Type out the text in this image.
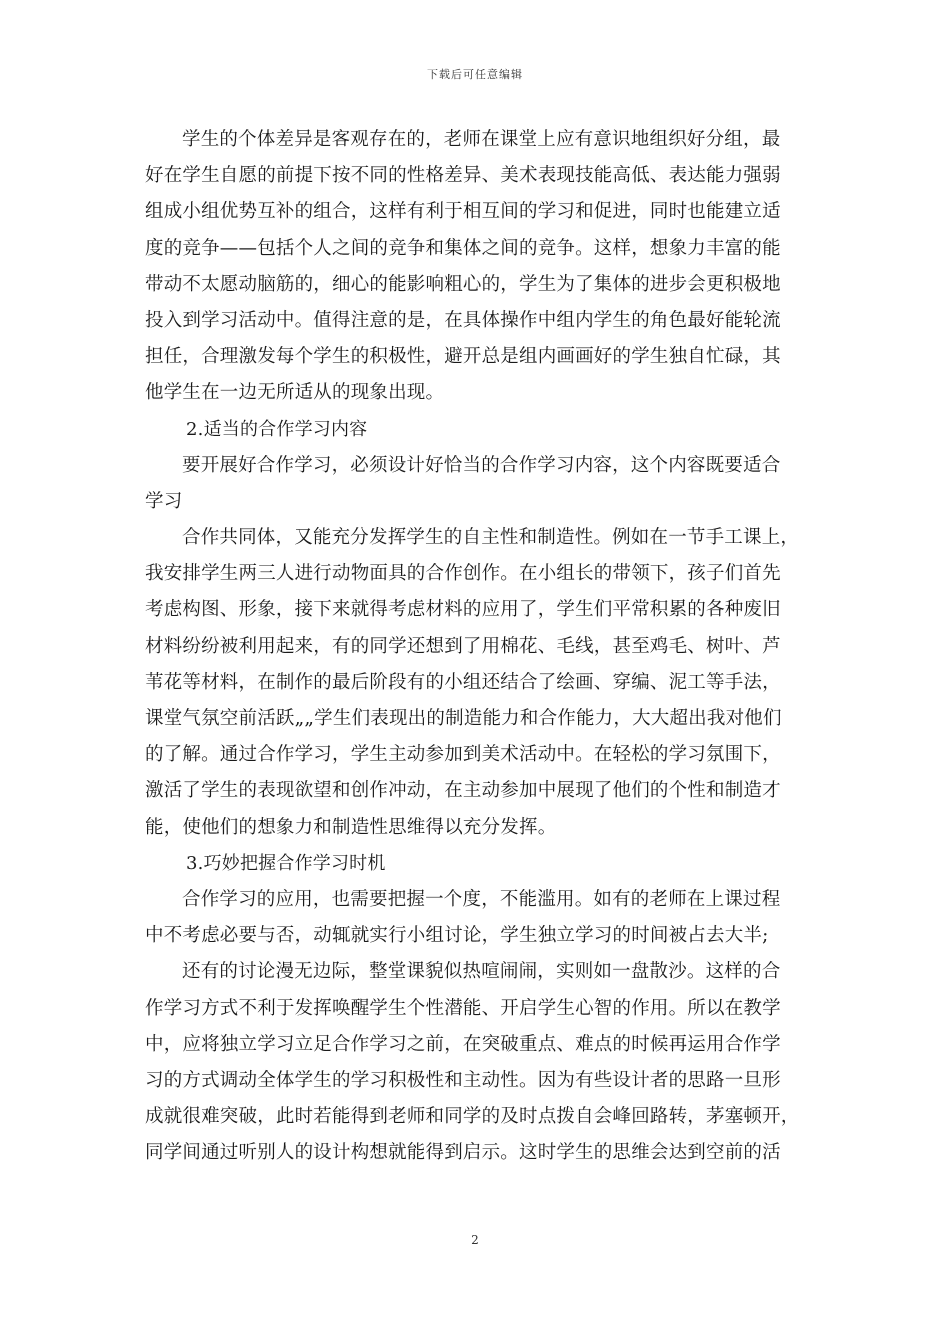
下载后可任意编辑
学生的个体差异是客观存在的，老师在课堂上应有意识地组织好分组，最
好在学生自愿的前提下按不同的性格差异、美术表现技能高低、表达能力强弱
组成小组优势互补的组合，这样有利于相互间的学习和促进，同时也能建立适
度的竞争——包括个人之间的竞争和集体之间的竞争。这样，想象力丰富的能
带动不太愿动脑筋的，细心的能影响粗心的，学生为了集体的进步会更积极地
投入到学习活动中。值得注意的是，在具体操作中组内学生的角色最好能轮流
担任，合理激发每个学生的积极性，避开总是组内画画好的学生独自忙碌，其
他学生在一边无所适从的现象出现。
2.适当的合作学习内容
要开展好合作学习，必须设计好恰当的合作学习内容，这个内容既要适合
学习
合作共同体，又能充分发挥学生的自主性和制造性。例如在一节手工课上，
我安排学生两三人进行动物面具的合作创作。在小组长的带领下，孩子们首先
考虑构图、形象，接下来就得考虑材料的应用了，学生们平常积累的各种废旧
材料纷纷被利用起来，有的同学还想到了用棉花、毛线，甚至鸡毛、树叶、芦
苇花等材料，在制作的最后阶段有的小组还结合了绘画、穿编、泥工等手法，
课堂气氛空前活跃„„学生们表现出的制造能力和合作能力，大大超出我对他们
的了解。通过合作学习，学生主动参加到美术活动中。在轻松的学习氛围下，
激活了学生的表现欲望和创作冲动，在主动参加中展现了他们的个性和制造才
能，使他们的想象力和制造性思维得以充分发挥。
3.巧妙把握合作学习时机
合作学习的应用，也需要把握一个度，不能滥用。如有的老师在上课过程
中不考虑必要与否，动辄就实行小组讨论，学生独立学习的时间被占去大半;
还有的讨论漫无边际，整堂课貌似热喧闹闹，实则如一盘散沙。这样的合
作学习方式不利于发挥唤醒学生个性潜能、开启学生心智的作用。所以在教学
中，应将独立学习立足合作学习之前，在突破重点、难点的时候再运用合作学
习的方式调动全体学生的学习积极性和主动性。因为有些设计者的思路一旦形
成就很难突破，此时若能得到老师和同学的及时点拨自会峰回路转，茅塞顿开，
同学间通过听别人的设计构想就能得到启示。这时学生的思维会达到空前的活
2
